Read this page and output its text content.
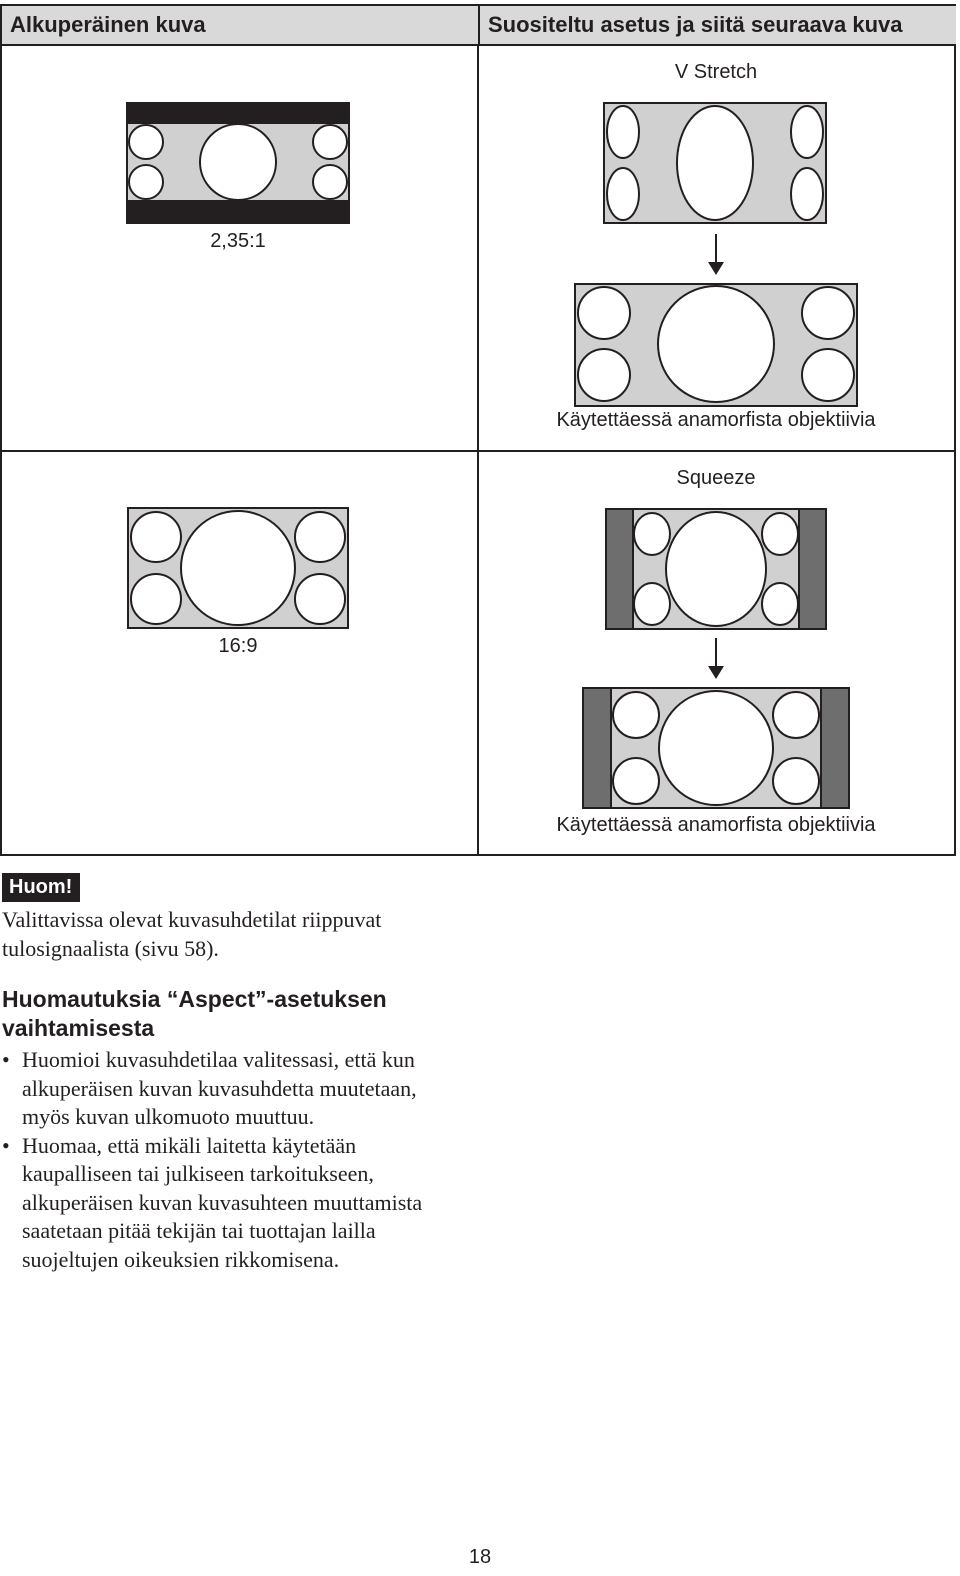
Alkuperäinen kuva	Suositeltu asetus ja siitä seuraava kuva
V Stretch
2,35:1
Käytettäessä anamorfista objektiivia
Squeeze
16:9
Käytettäessä anamorfista objektiivia
Huom!
Valittavissa olevat kuvasuhdetilat riippuvat tulosignaalista (sivu 58).
Huomautuksia “Aspect”-asetuksen vaihtamisesta
• Huomioi kuvasuhdetilaa valitessasi, että kun alkuperäisen kuvan kuvasuhdetta muutetaan, myös kuvan ulkomuoto muuttuu.
• Huomaa, että mikäli laitetta käytetään kaupalliseen tai julkiseen tarkoitukseen, alkuperäisen kuvan kuvasuhteen muuttamista saatetaan pitää tekijän tai tuottajan lailla suojeltujen oikeuksien rikkomisena.
18
